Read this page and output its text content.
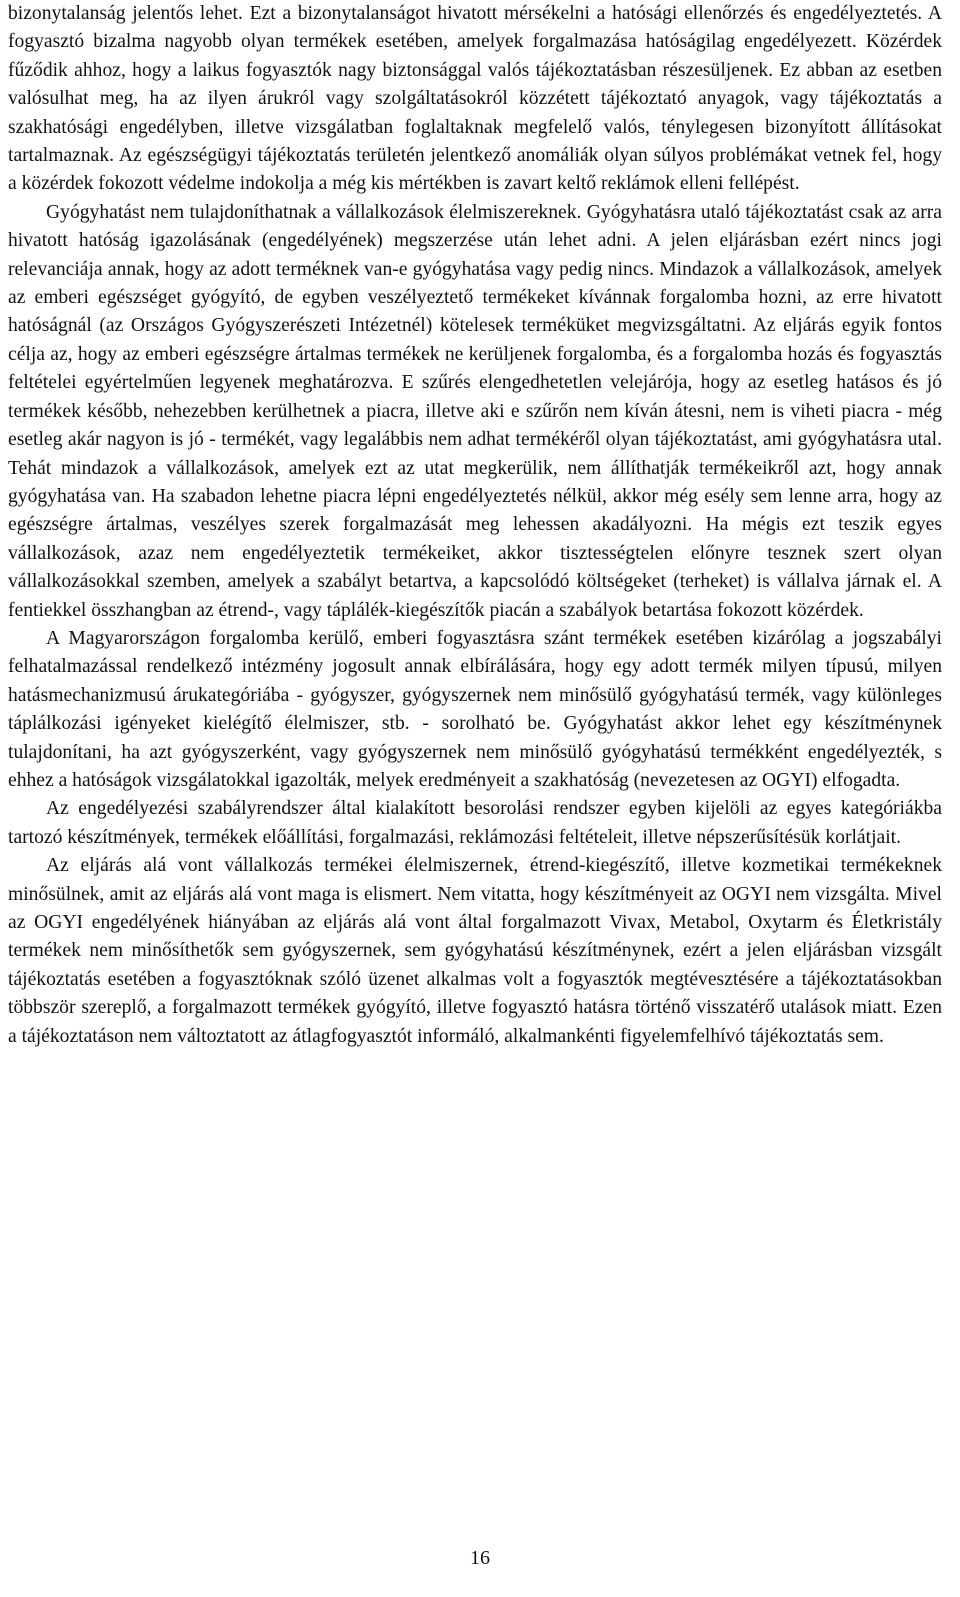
bizonytalanság jelentős lehet. Ezt a bizonytalanságot hivatott mérsékelni a hatósági ellenőrzés és engedélyeztetés. A fogyasztó bizalma nagyobb olyan termékek esetében, amelyek forgalmazása hatóságilag engedélyezett. Közérdek fűződik ahhoz, hogy a laikus fogyasztók nagy biztonsággal valós tájékoztatásban részesüljenek. Ez abban az esetben valósulhat meg, ha az ilyen árukról vagy szolgáltatásokról közzétett tájékoztató anyagok, vagy tájékoztatás a szakhatósági engedélyben, illetve vizsgálatban foglaltaknak megfelelő valós, ténylegesen bizonyított állításokat tartalmaznak. Az egészségügyi tájékoztatás területén jelentkező anomáliák olyan súlyos problémákat vetnek fel, hogy a közérdek fokozott védelme indokolja a még kis mértékben is zavart keltő reklámok elleni fellépést.

Gyógyhatást nem tulajdoníthatnak a vállalkozások élelmiszereknek. Gyógyhatásra utaló tájékoztatást csak az arra hivatott hatóság igazolásának (engedélyének) megszerzése után lehet adni. A jelen eljárásban ezért nincs jogi relevanciája annak, hogy az adott terméknek van-e gyógyhatása vagy pedig nincs. Mindazok a vállalkozások, amelyek az emberi egészséget gyógyító, de egyben veszélyeztető termékeket kívánnak forgalomba hozni, az erre hivatott hatóságnál (az Országos Gyógyszerészeti Intézetnél) kötelesek terméküket megvizsgáltatni. Az eljárás egyik fontos célja az, hogy az emberi egészségre ártalmas termékek ne kerüljenek forgalomba, és a forgalomba hozás és fogyasztás feltételei egyértelműen legyenek meghatározva. E szűrés elengedhetetlen velejárója, hogy az esetleg hatásos és jó termékek később, nehezebben kerülhetnek a piacra, illetve aki e szűrőn nem kíván átesni, nem is viheti piacra - még esetleg akár nagyon is jó - termékét, vagy legalábbis nem adhat termékéről olyan tájékoztatást, ami gyógyhatásra utal. Tehát mindazok a vállalkozások, amelyek ezt az utat megkerülik, nem állíthatják termékeikről azt, hogy annak gyógyhatása van. Ha szabadon lehetne piacra lépni engedélyeztetés nélkül, akkor még esély sem lenne arra, hogy az egészségre ártalmas, veszélyes szerek forgalmazását meg lehessen akadályozni. Ha mégis ezt teszik egyes vállalkozások, azaz nem engedélyeztetik termékeiket, akkor tisztességtelen előnyre tesznek szert olyan vállalkozásokkal szemben, amelyek a szabályt betartva, a kapcsolódó költségeket (terheket) is vállalva járnak el. A fentiekkel összhangban az étrend-, vagy táplálék-kiegészítők piacán a szabályok betartása fokozott közérdek.

A Magyarországon forgalomba kerülő, emberi fogyasztásra szánt termékek esetében kizárólag a jogszabályi felhatalmazással rendelkező intézmény jogosult annak elbírálására, hogy egy adott termék milyen típusú, milyen hatásmechanizmusú árukategóriába - gyógyszer, gyógyszernek nem minősülő gyógyhatású termék, vagy különleges táplálkozási igényeket kielégítő élelmiszer, stb. - sorolható be. Gyógyhatást akkor lehet egy készítménynek tulajdonítani, ha azt gyógyszerként, vagy gyógyszernek nem minősülő gyógyhatású termékként engedélyezték, s ehhez a hatóságok vizsgálatokkal igazolták, melyek eredményeit a szakhatóság (nevezetesen az OGYI) elfogadta.

Az engedélyezési szabályrendszer által kialakított besorolási rendszer egyben kijelöli az egyes kategóriákba tartozó készítmények, termékek előállítási, forgalmazási, reklámozási feltételeit, illetve népszerűsítésük korlátjait.

Az eljárás alá vont vállalkozás termékei élelmiszernek, étrend-kiegészítő, illetve kozmetikai termékeknek minősülnek, amit az eljárás alá vont maga is elismert. Nem vitatta, hogy készítményeit az OGYI nem vizsgálta. Mivel az OGYI engedélyének hiányában az eljárás alá vont által forgalmazott Vivax, Metabol, Oxytarm és Életkristály termékek nem minősíthetők sem gyógyszernek, sem gyógyhatású készítménynek, ezért a jelen eljárásban vizsgált tájékoztatás esetében a fogyasztóknak szóló üzenet alkalmas volt a fogyasztók megtévesztésére a tájékoztatásokban többször szereplő, a forgalmazott termékek gyógyító, illetve fogyasztó hatásra történő visszatérő utalások miatt. Ezen a tájékoztatáson nem változtatott az átlagfogyasztót informáló, alkalmankénti figyelemfelhívó tájékoztatás sem.

16
